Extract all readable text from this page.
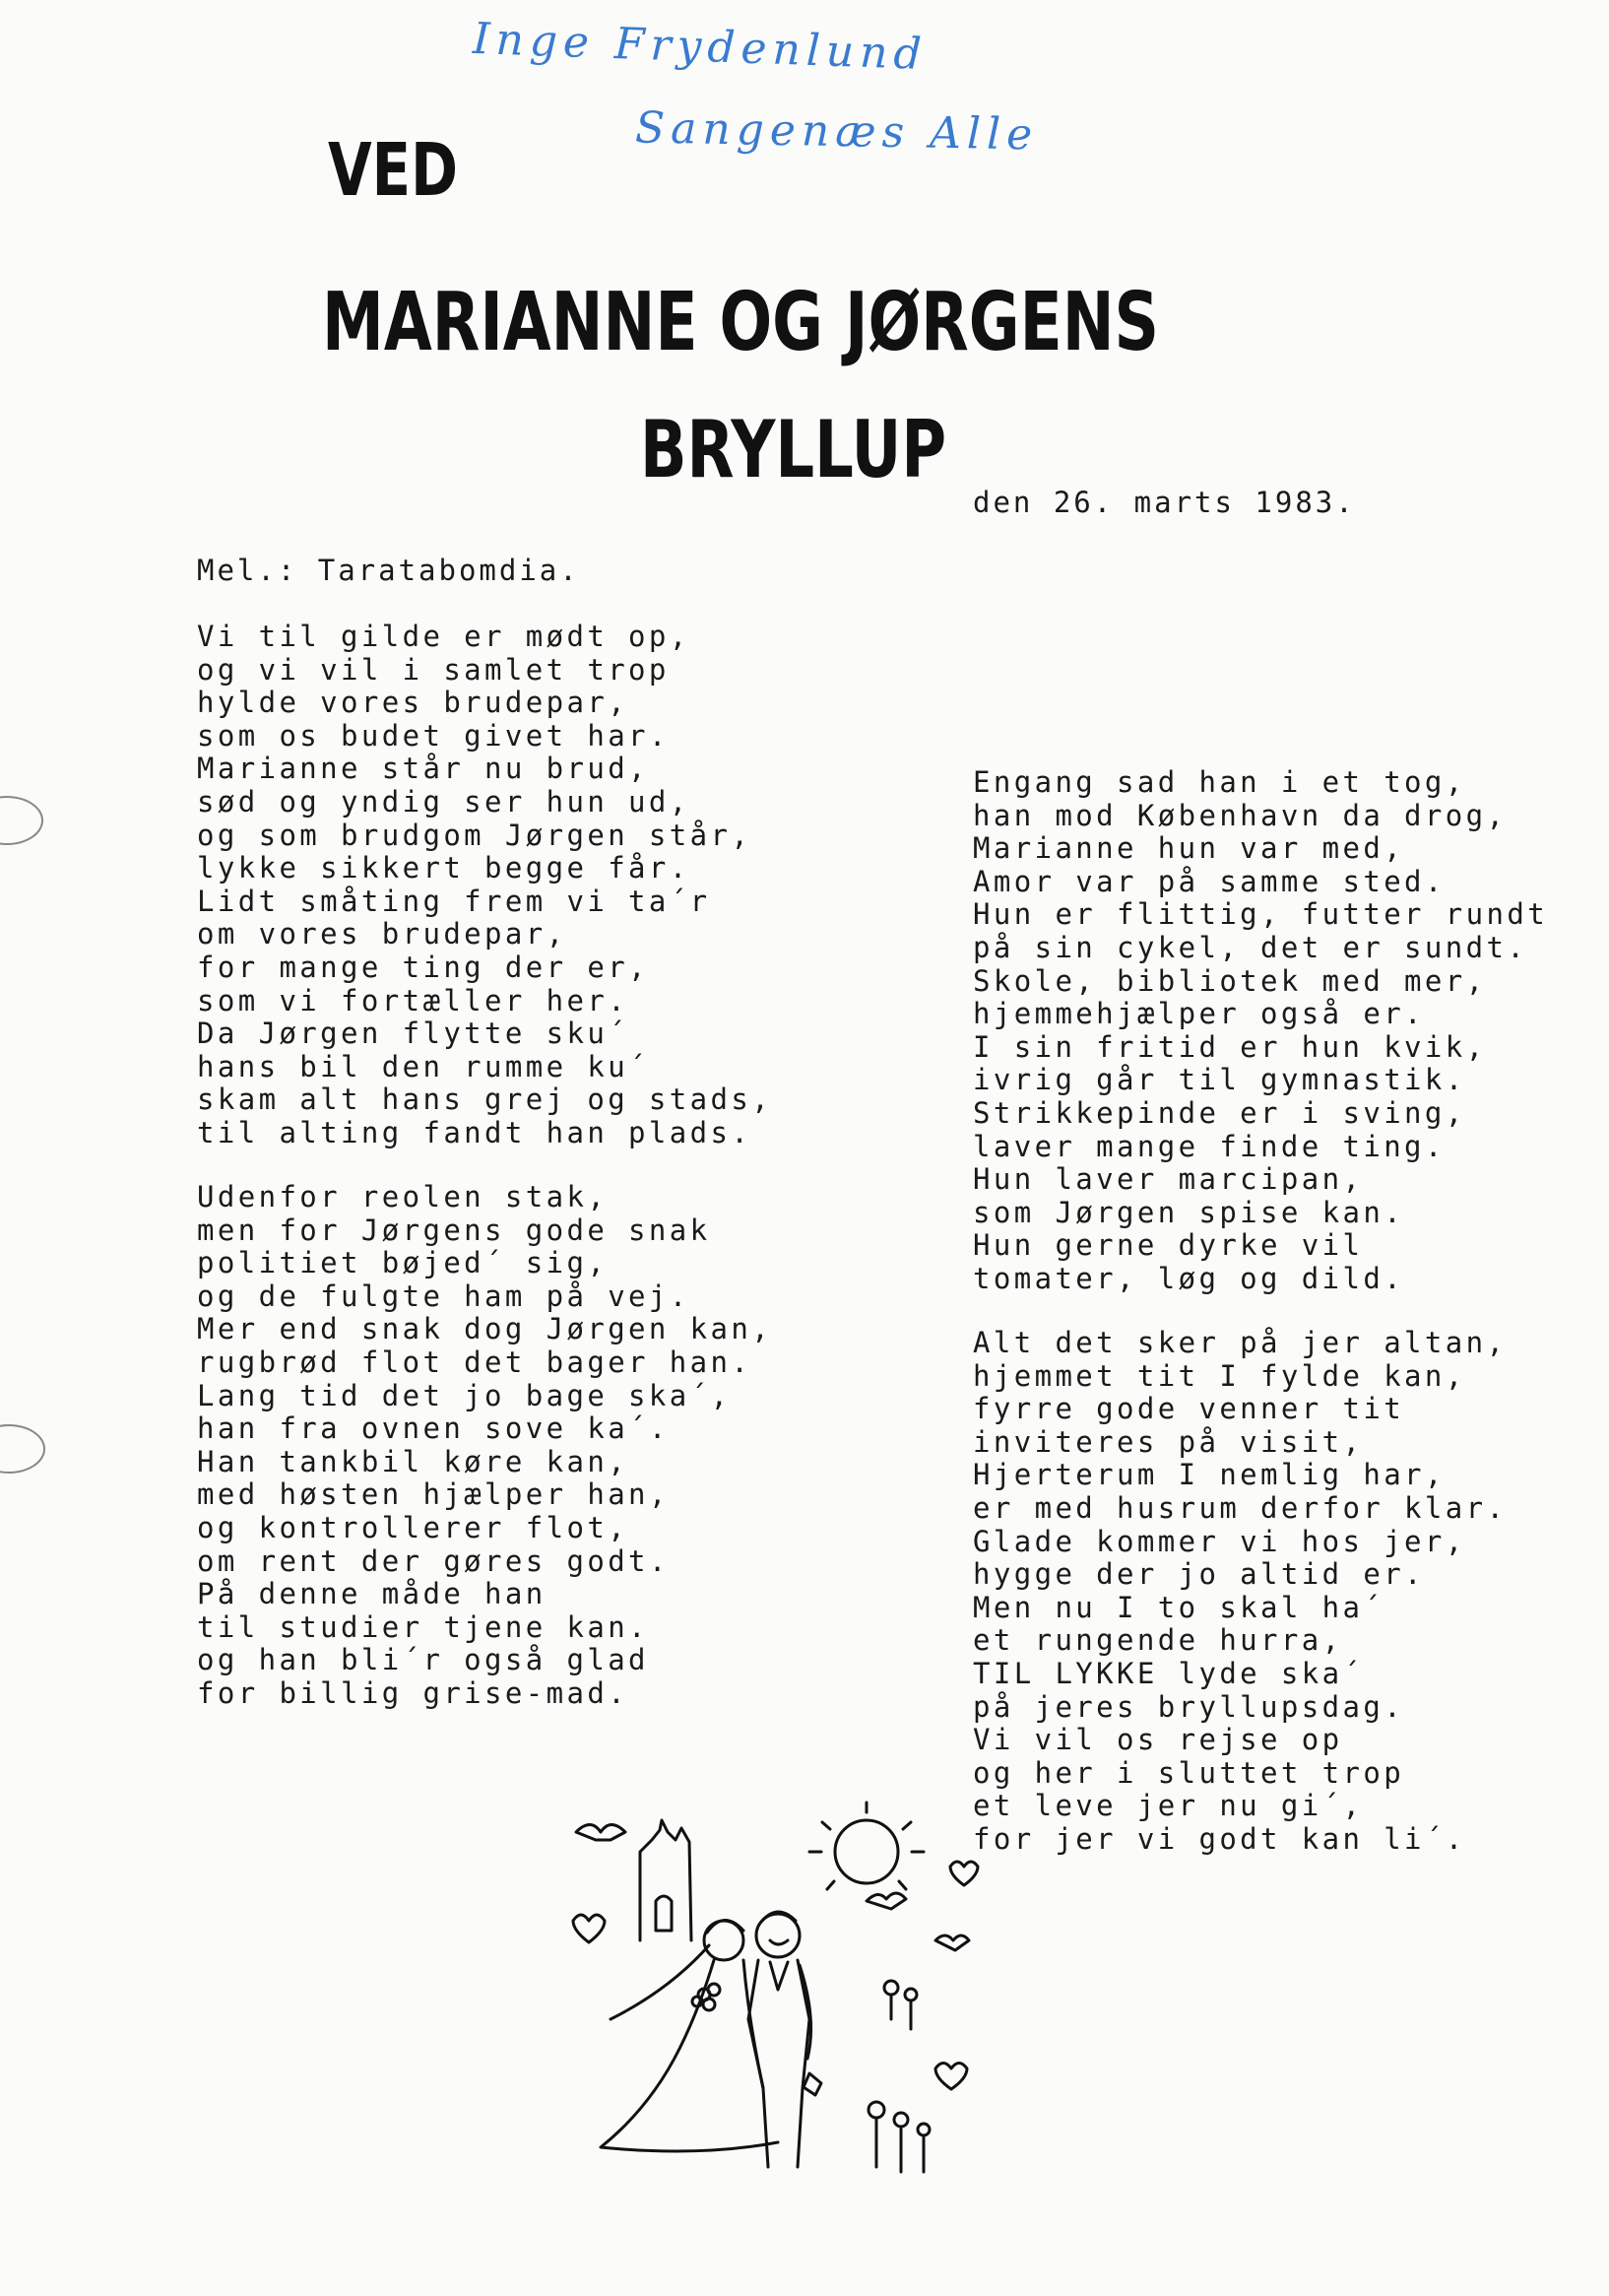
Inge Frydenlund
Sangenæs Alle
VED
MARIANNE OG JØRGENS
BRYLLUP
den 26. marts 1983.
Mel.: Taratabomdia.
Vi til gilde er mødt op,
og vi vil i samlet trop
hylde vores brudepar,
som os budet givet har.
Marianne står nu brud,
sød og yndig ser hun ud,
og som brudgom Jørgen står,
lykke sikkert begge får.
Lidt småting frem vi ta´r
om vores brudepar,
for mange ting der er,
som vi fortæller her.
Da Jørgen flytte sku´
hans bil den rumme ku´
skam alt hans grej og stads,
til alting fandt han plads.
Udenfor reolen stak,
men for Jørgens gode snak
politiet bøjed´ sig,
og de fulgte ham på vej.
Mer end snak dog Jørgen kan,
rugbrød flot det bager han.
Lang tid det jo bage ska´,
han fra ovnen sove ka´.
Han tankbil køre kan,
med høsten hjælper han,
og kontrollerer flot,
om rent der gøres godt.
På denne måde han
til studier tjene kan.
og han bli´r også glad
for billig grise-mad.
Engang sad han i et tog,
han mod København da drog,
Marianne hun var med,
Amor var på samme sted.
Hun er flittig, futter rundt
på sin cykel, det er sundt.
Skole, bibliotek med mer,
hjemmehjælper også er.
I sin fritid er hun kvik,
ivrig går til gymnastik.
Strikkepinde er i sving,
laver mange finde ting.
Hun laver marcipan,
som Jørgen spise kan.
Hun gerne dyrke vil
tomater, løg og dild.
Alt det sker på jer altan,
hjemmet tit I fylde kan,
fyrre gode venner tit
inviteres på visit,
Hjerterum I nemlig har,
er med husrum derfor klar.
Glade kommer vi hos jer,
hygge der jo altid er.
Men nu I to skal ha´
et rungende hurra,
TIL LYKKE lyde ska´
på jeres bryllupsdag.
Vi vil os rejse op
og her i sluttet trop
et leve jer nu gi´,
for jer vi godt kan li´.
